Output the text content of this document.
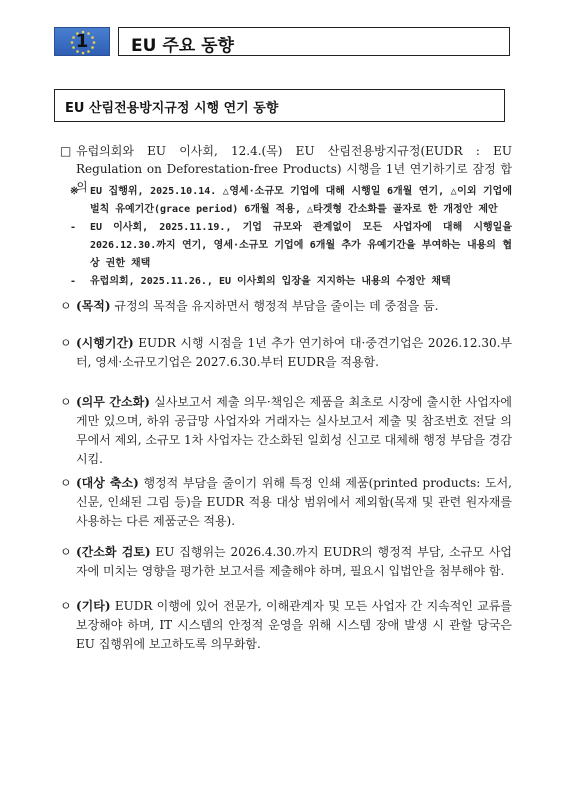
1	EU 주요 동향
EU 산림전용방지규정 시행 연기 동향
□ 유럽의회와 EU 이사회, 12.4.(목) EU 산림전용방지규정(EUDR : EU Regulation on Deforestation-free Products) 시행을 1년 연기하기로 잠정 합의
※ EU 집행위, 2025.10.14. △영세·소규모 기업에 대해 시행일 6개월 연기, △이외 기업에 벌칙 유예기간(grace period) 6개월 적용, △타겟형 간소화를 골자로 한 개정안 제안
- EU 이사회, 2025.11.19., 기업 규모와 관계없이 모든 사업자에 대해 시행일을 2026.12.30.까지 연기, 영세·소규모 기업에 6개월 추가 유예기간을 부여하는 내용의 협상 권한 채택
- 유럽의회, 2025.11.26., EU 이사회의 입장을 지지하는 내용의 수정안 채택
ㅇ (목적) 규정의 목적을 유지하면서 행정적 부담을 줄이는 데 중점을 둠.
ㅇ (시행기간) EUDR 시행 시점을 1년 추가 연기하여 대·중견기업은 2026.12.30.부터, 영세·소규모기업은 2027.6.30.부터 EUDR을 적용함.
ㅇ (의무 간소화) 실사보고서 제출 의무·책임은 제품을 최초로 시장에 출시한 사업자에게만 있으며, 하위 공급망 사업자와 거래자는 실사보고서 제출 및 참조번호 전달 의무에서 제외, 소규모 1차 사업자는 간소화된 일회성 신고로 대체해 행정 부담을 경감시킴.
ㅇ (대상 축소) 행정적 부담을 줄이기 위해 특정 인쇄 제품(printed products: 도서, 신문, 인쇄된 그림 등)을 EUDR 적용 대상 범위에서 제외함(목재 및 관련 원자재를 사용하는 다른 제품군은 적용).
ㅇ (간소화 검토) EU 집행위는 2026.4.30.까지 EUDR의 행정적 부담, 소규모 사업자에 미치는 영향을 평가한 보고서를 제출해야 하며, 필요시 입법안을 첨부해야 함.
ㅇ (기타) EUDR 이행에 있어 전문가, 이해관계자 및 모든 사업자 간 지속적인 교류를 보장해야 하며, IT 시스템의 안정적 운영을 위해 시스템 장애 발생 시 관할 당국은 EU 집행위에 보고하도록 의무화함.
